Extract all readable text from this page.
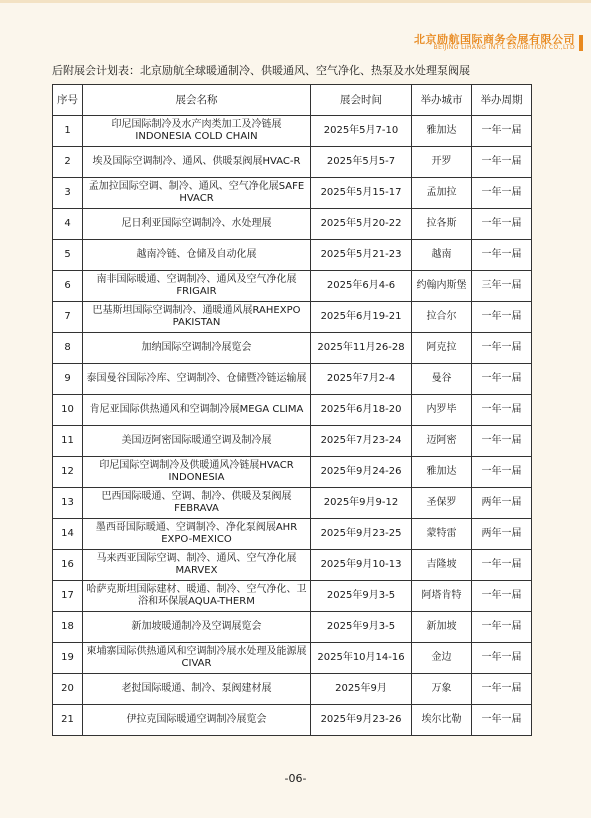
北京励航国际商务会展有限公司
BEIJING LIHANG INT'L EXHIBITION CO.,LTD
后附展会计划表：北京励航全球暖通制冷、供暖通风、空气净化、热泵及水处理泵阀展
序号	展会名称	展会时间	举办城市	举办周期
1	印尼国际制冷及水产肉类加工及冷链展INDONESIA COLD CHAIN	2025年5月7-10	雅加达	一年一届
2	埃及国际空调制冷、通风、供暖泵阀展HVAC-R	2025年5月5-7	开罗	一年一届
3	孟加拉国际空调、制冷、通风、空气净化展SAFE HVACR	2025年5月15-17	孟加拉	一年一届
4	尼日利亚国际空调制冷、水处理展	2025年5月20-22	拉各斯	一年一届
5	越南冷链、仓储及自动化展	2025年5月21-23	越南	一年一届
6	南非国际暖通、空调制冷、通风及空气净化展FRIGAIR	2025年6月4-6	约翰内斯堡	三年一届
7	巴基斯坦国际空调制冷、通暖通风展RAHEXPO PAKISTAN	2025年6月19-21	拉合尔	一年一届
8	加纳国际空调制冷展览会	2025年11月26-28	阿克拉	一年一届
9	泰国曼谷国际冷库、空调制冷、仓储暨冷链运输展	2025年7月2-4	曼谷	一年一届
10	肯尼亚国际供热通风和空调制冷展MEGA CLIMA	2025年6月18-20	内罗毕	一年一届
11	美国迈阿密国际暖通空调及制冷展	2025年7月23-24	迈阿密	一年一届
12	印尼国际空调制冷及供暖通风冷链展HVACR INDONESIA	2025年9月24-26	雅加达	一年一届
13	巴西国际暖通、空调、制冷、供暖及泵阀展FEBRAVA	2025年9月9-12	圣保罗	两年一届
14	墨西哥国际暖通、空调制冷、净化泵阀展AHR EXPO-MEXICO	2025年9月23-25	蒙特雷	两年一届
16	马来西亚国际空调、制冷、通风、空气净化展MARVEX	2025年9月10-13	吉隆坡	一年一届
17	哈萨克斯坦国际建材、暖通、制冷、空气净化、卫浴和环保展AQUA-THERM	2025年9月3-5	阿塔肯特	一年一届
18	新加坡暖通制冷及空调展览会	2025年9月3-5	新加坡	一年一届
19	柬埔寨国际供热通风和空调制冷展水处理及能源展CIVAR	2025年10月14-16	金边	一年一届
20	老挝国际暖通、制冷、泵阀建材展	2025年9月	万象	一年一届
21	伊拉克国际暖通空调制冷展览会	2025年9月23-26	埃尔比勒	一年一届
-06-
